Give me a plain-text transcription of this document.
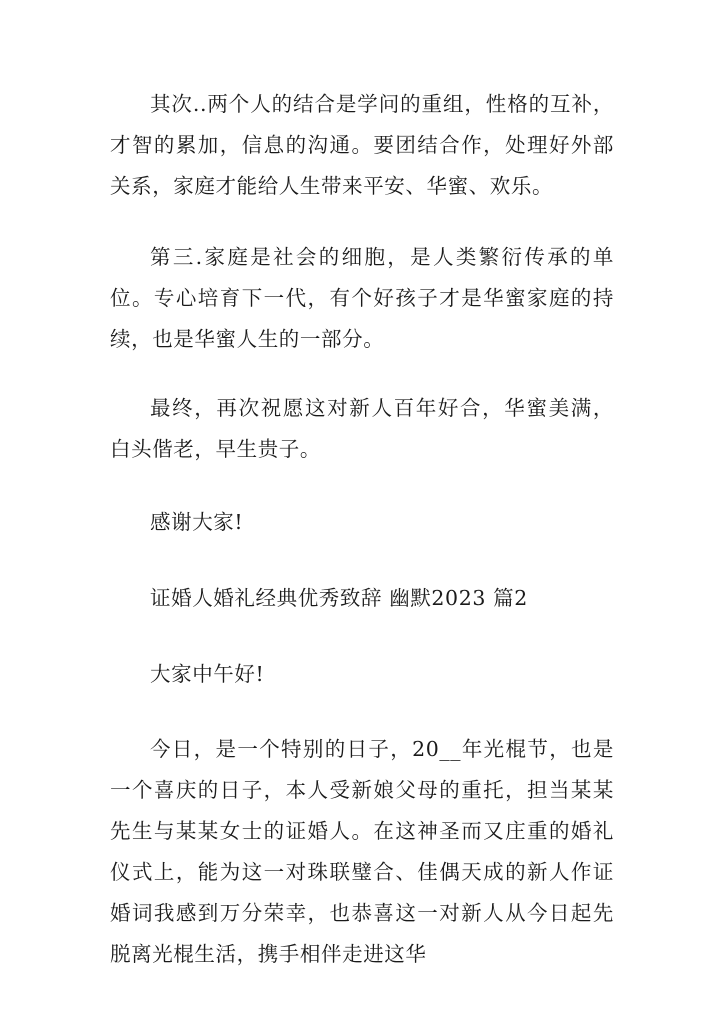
其次..两个人的结合是学问的重组，性格的互补，才智的累加，信息的沟通。要团结合作，处理好外部关系，家庭才能给人生带来平安、华蜜、欢乐。

第三.家庭是社会的细胞，是人类繁衍传承的单位。专心培育下一代，有个好孩子才是华蜜家庭的持续，也是华蜜人生的一部分。

最终，再次祝愿这对新人百年好合，华蜜美满，白头偕老，早生贵子。

感谢大家!

证婚人婚礼经典优秀致辞 幽默2023 篇2

大家中午好!

今日，是一个特别的日子，20__年光棍节，也是一个喜庆的日子，本人受新娘父母的重托，担当某某先生与某某女士的证婚人。在这神圣而又庄重的婚礼仪式上，能为这一对珠联璧合、佳偶天成的新人作证婚词我感到万分荣幸，也恭喜这一对新人从今日起先脱离光棍生活，携手相伴走进这华
